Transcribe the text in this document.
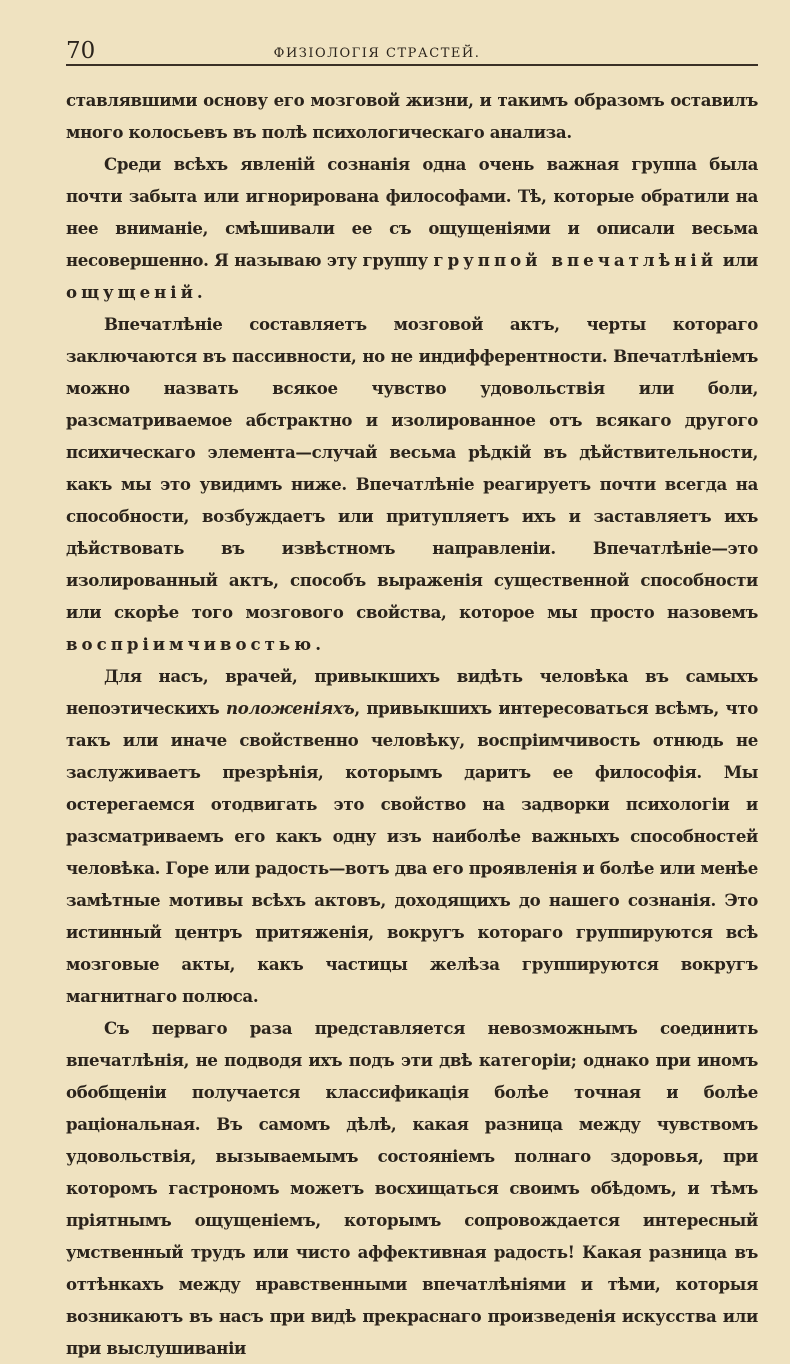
70	ФИЗІОЛОГІЯ СТРАСТЕЙ.

ставлявшими основу его мозговой жизни, и такимъ образомъ оставилъ много колосьевъ въ полѣ психологическаго анализа.

Среди всѣхъ явленій сознанія одна очень важная группа была почти забыта или игнорирована философами. Тѣ, которые обратили на нее вниманіе, смѣшивали ее съ ощущеніями и описали весьма несовершенно. Я называю эту группу группой впечатлѣній или ощущеній.

Впечатлѣніе составляетъ мозговой актъ, черты котораго заключаются въ пассивности, но не индифферентности. Впечатлѣніемъ можно назвать всякое чувство удовольствія или боли, разсматриваемое абстрактно и изолированное отъ всякаго другого психическаго элемента—случай весьма рѣдкій въ дѣйствительности, какъ мы это увидимъ ниже. Впечатлѣніе реагируетъ почти всегда на способности, возбуждаетъ или притупляетъ ихъ и заставляетъ ихъ дѣйствовать въ извѣстномъ направленіи. Впечатлѣніе—это изолированный актъ, способъ выраженія существенной способности или скорѣе того мозгового свойства, которое мы просто назовемъ воспріимчивостью.

Для насъ, врачей, привыкшихъ видѣть человѣка въ самыхъ непоэтическихъ положеніяхъ, привыкшихъ интересоваться всѣмъ, что такъ или иначе свойственно человѣку, воспріимчивость отнюдь не заслуживаетъ презрѣнія, которымъ даритъ ее философія. Мы остерегаемся отодвигать это свойство на задворки психологіи и разсматриваемъ его какъ одну изъ наиболѣе важныхъ способностей человѣка. Горе или радость—вотъ два его проявленія и болѣе или менѣе замѣтные мотивы всѣхъ актовъ, доходящихъ до нашего сознанія. Это истинный центръ притяженія, вокругъ котораго группируются всѣ мозговые акты, какъ частицы желѣза группируются вокругъ магнитнаго полюса.

Съ перваго раза представляется невозможнымъ соединить впечатлѣнія, не подводя ихъ подъ эти двѣ категоріи; однако при иномъ обобщеніи получается классификація болѣе точная и болѣе раціональная. Въ самомъ дѣлѣ, какая разница между чувствомъ удовольствія, вызываемымъ состояніемъ полнаго здоровья, при которомъ гастрономъ можетъ восхищаться своимъ обѣдомъ, и тѣмъ пріятнымъ ощущеніемъ, которымъ сопровождается интересный умственный трудъ или чисто аффективная радость! Какая разница въ оттѣнкахъ между нравственными впечатлѣніями и тѣми, которыя возникаютъ въ насъ при видѣ прекраснаго произведенія искусства или при выслушиваніи
